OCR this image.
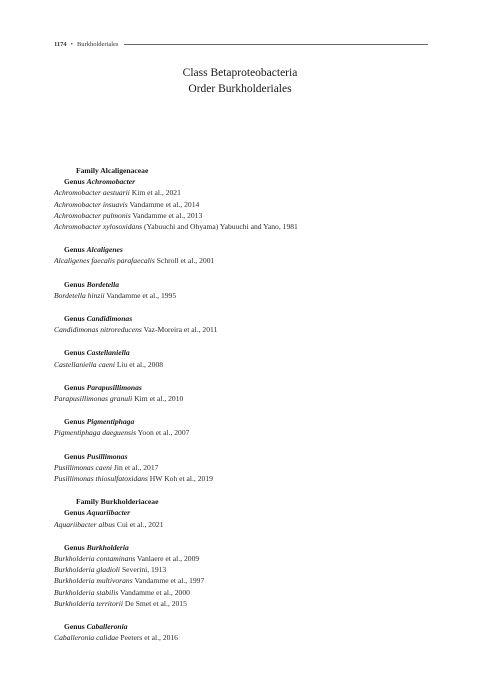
1174 • Burkholderiales
Class Betaproteobacteria
Order Burkholderiales
Family Alcaligenaceae
Genus Achromobacter
Achromobacter aestuarii Kim et al., 2021
Achromobacter insuavis Vandamme et al., 2014
Achromobacter pulmonis Vandamme et al., 2013
Achromobacter xylosoxidans (Yabuuchi and Ohyama) Yabuuchi and Yano, 1981
Genus Alcaligenes
Alcaligenes faecalis parafaecalis Schroll et al., 2001
Genus Bordetella
Bordetella hinzii Vandamme et al., 1995
Genus Candidimonas
Candidimonas nitroreducens Vaz-Moreira et al., 2011
Genus Castellaniella
Castellaniella caeni Liu et al., 2008
Genus Parapusillimonas
Parapusillimonas granuli Kim et al., 2010
Genus Pigmentiphaga
Pigmentiphaga daeguensis Yoon et al., 2007
Genus Pusillimonas
Pusillimonas caeni Jin et al., 2017
Pusillimonas thiosulfatoxidans HW Koh et al., 2019
Family Burkholderiaceae
Genus Aquariibacter
Aquariibacter albus Cui et al., 2021
Genus Burkholderia
Burkholderia contaminans Vanlaere et al., 2009
Burkholderia gladioli Severini, 1913
Burkholderia multivorans Vandamme et al., 1997
Burkholderia stabilis Vandamme et al., 2000
Burkholderia territorii De Smet et al., 2015
Genus Caballeronia
Caballeronia calidae Peeters et al., 2016
